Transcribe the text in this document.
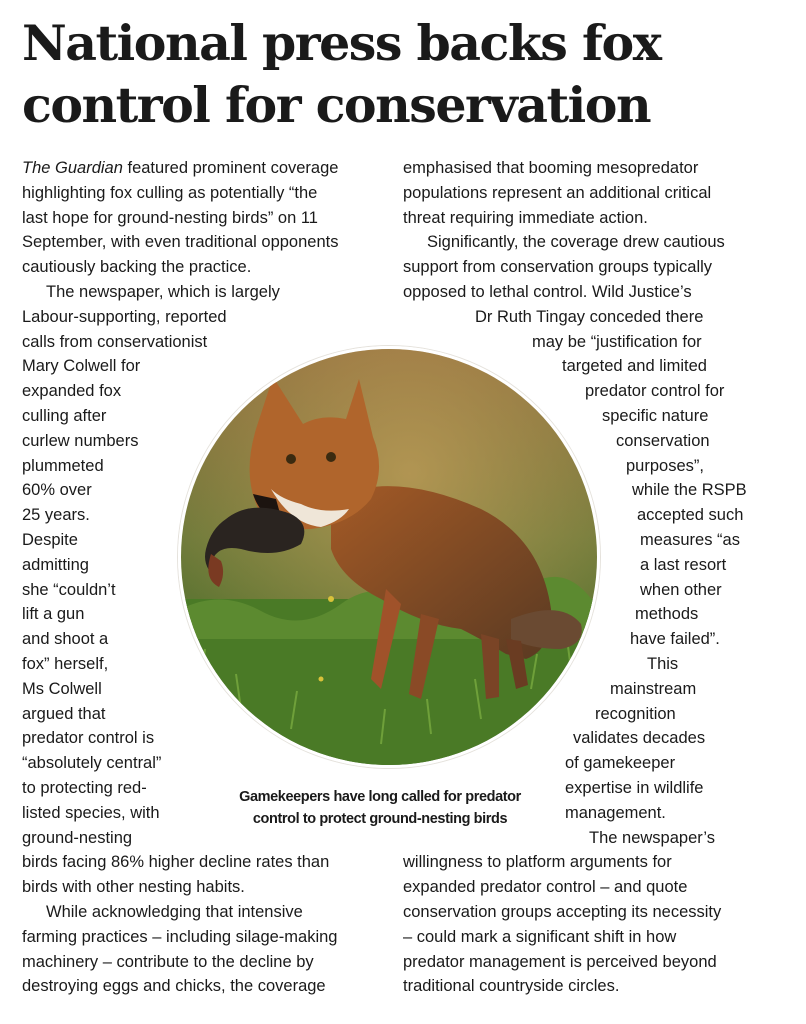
National press backs fox
control for conservation
The Guardian featured prominent coverage
highlighting fox culling as potentially “the
last hope for ground-nesting birds” on 11
September, with even traditional opponents
cautiously backing the practice.
The newspaper, which is largely
Labour-supporting, reported
calls from conservationist
Mary Colwell for
expanded fox
culling after
curlew numbers
plummeted
60% over
25 years.
Despite
admitting
she “couldn’t
lift a gun
and shoot a
fox” herself,
Ms Colwell
argued that
predator control is
“absolutely central”
to protecting red-
listed species, with
ground-nesting
birds facing 86% higher decline rates than
birds with other nesting habits.
While acknowledging that intensive
farming practices – including silage-making
machinery – contribute to the decline by
destroying eggs and chicks, the coverage
emphasised that booming mesopredator
populations represent an additional critical
threat requiring immediate action.
Significantly, the coverage drew cautious
support from conservation groups typically
opposed to lethal control. Wild Justice’s
Dr Ruth Tingay conceded there
may be “justification for
targeted and limited
predator control for
specific nature
conservation
purposes”,
while the RSPB
accepted such
measures “as
a last resort
when other
methods
have failed”.
This
mainstream
recognition
validates decades
of gamekeeper
expertise in wildlife
management.
The newspaper’s
willingness to platform arguments for
expanded predator control – and quote
conservation groups accepting its necessity
– could mark a significant shift in how
predator management is perceived beyond
traditional countryside circles.
Gamekeepers have long called for predator
control to protect ground-nesting birds
